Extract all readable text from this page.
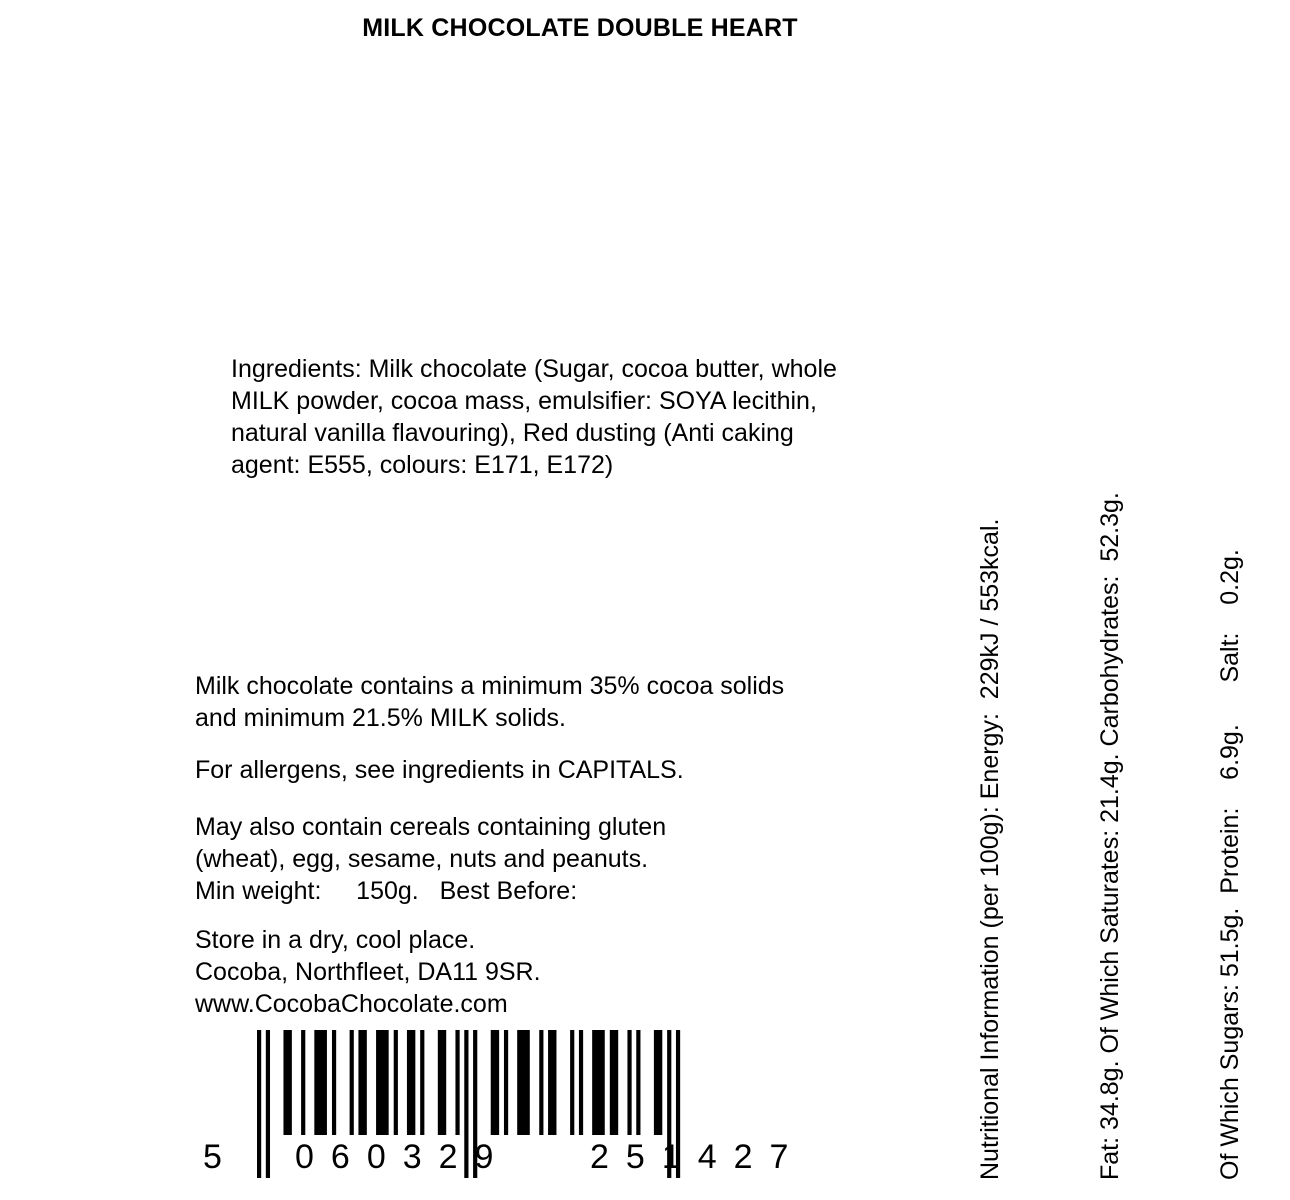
MILK CHOCOLATE DOUBLE HEART
Ingredients: Milk chocolate (Sugar, cocoa butter, whole MILK powder, cocoa mass, emulsifier: SOYA lecithin, natural vanilla flavouring), Red dusting (Anti caking agent: E555, colours: E171, E172)

Milk chocolate contains a minimum 35% cocoa solids

and minimum 21.5% MILK solids.

For allergens, see ingredients in CAPITALS.

May also contain cereals containing gluten

(wheat), egg, sesame, nuts and peanuts.

Min weight:     150g.   Best Before:

Store in a dry, cool place.

Cocoba, Northfleet, DA11 9SR.

www.CocobaChocolate.com

	Nutritional Information (per 100g): Energy:  229kJ / 553kcal.

	Fat: 34.8g. Of Which Saturates: 21.4g. Carbohydrates:  52.3g.

	Of Which Sugars: 51.5g.  Protein:    6.9g.      Salt:    0.2g.

5 060329 251427
